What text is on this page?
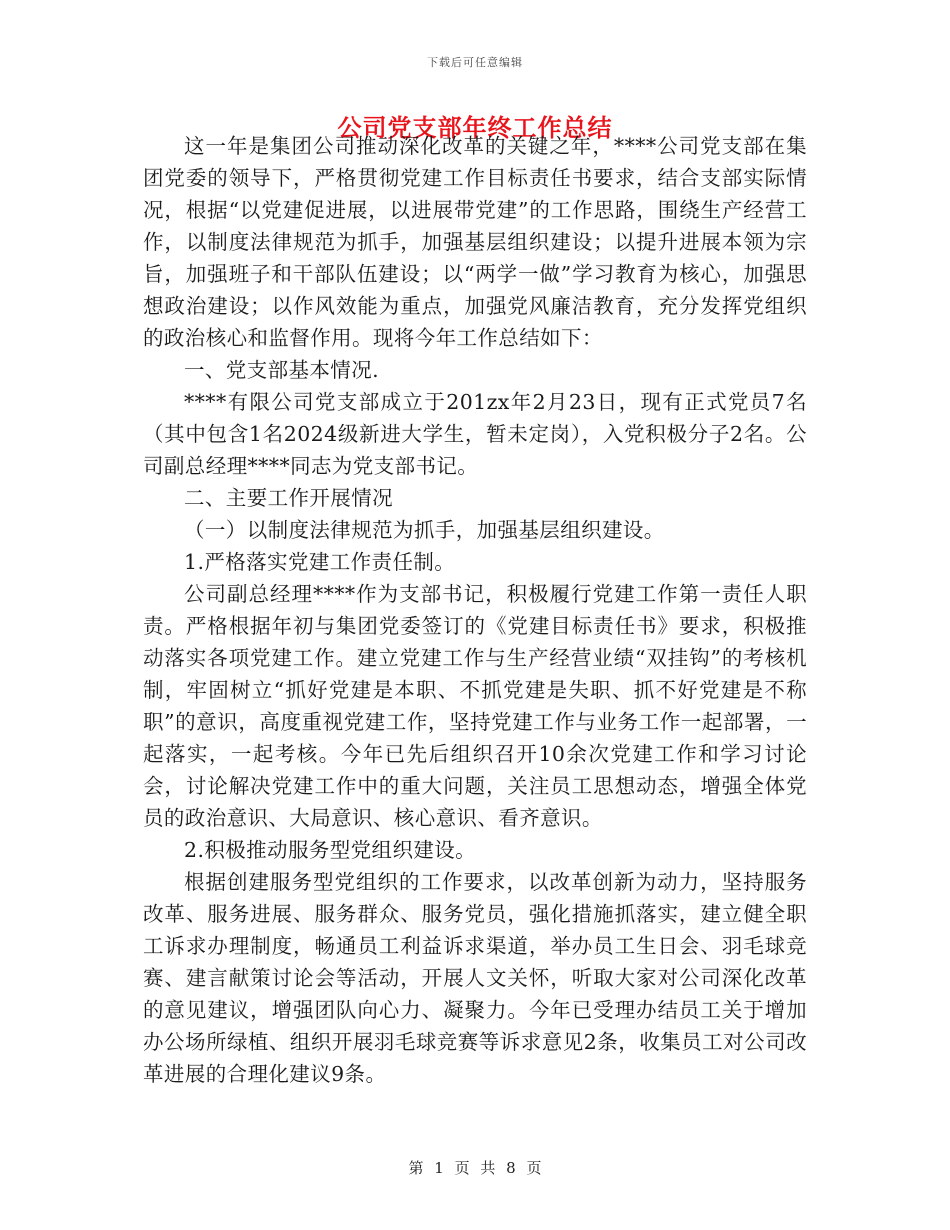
下载后可任意编辑
公司党支部年终工作总结

这一年是集团公司推动深化改革的关键之年，****公司党支部在集团党委的领导下，严格贯彻党建工作目标责任书要求，结合支部实际情况，根据“以党建促进展，以进展带党建”的工作思路，围绕生产经营工作，以制度法律规范为抓手，加强基层组织建设；以提升进展本领为宗旨，加强班子和干部队伍建设；以“两学一做”学习教育为核心，加强思想政治建设；以作风效能为重点，加强党风廉洁教育，充分发挥党组织的政治核心和监督作用。现将今年工作总结如下：

一、党支部基本情况.

****有限公司党支部成立于201zx年2月23日，现有正式党员7名（其中包含1名2024级新进大学生，暂未定岗），入党积极分子2名。公司副总经理****同志为党支部书记。

二、主要工作开展情况

（一）以制度法律规范为抓手，加强基层组织建设。

1.严格落实党建工作责任制。

公司副总经理****作为支部书记，积极履行党建工作第一责任人职责。严格根据年初与集团党委签订的《党建目标责任书》要求，积极推动落实各项党建工作。建立党建工作与生产经营业绩“双挂钩”的考核机制，牢固树立“抓好党建是本职、不抓党建是失职、抓不好党建是不称职”的意识，高度重视党建工作，坚持党建工作与业务工作一起部署，一起落实，一起考核。今年已先后组织召开10余次党建工作和学习讨论会，讨论解决党建工作中的重大问题，关注员工思想动态，增强全体党员的政治意识、大局意识、核心意识、看齐意识。

2.积极推动服务型党组织建设。

根据创建服务型党组织的工作要求，以改革创新为动力，坚持服务改革、服务进展、服务群众、服务党员，强化措施抓落实，建立健全职工诉求办理制度，畅通员工利益诉求渠道，举办员工生日会、羽毛球竞赛、建言献策讨论会等活动，开展人文关怀，听取大家对公司深化改革的意见建议，增强团队向心力、凝聚力。今年已受理办结员工关于增加办公场所绿植、组织开展羽毛球竞赛等诉求意见2条，收集员工对公司改革进展的合理化建议9条。

第 1 页 共 8 页
